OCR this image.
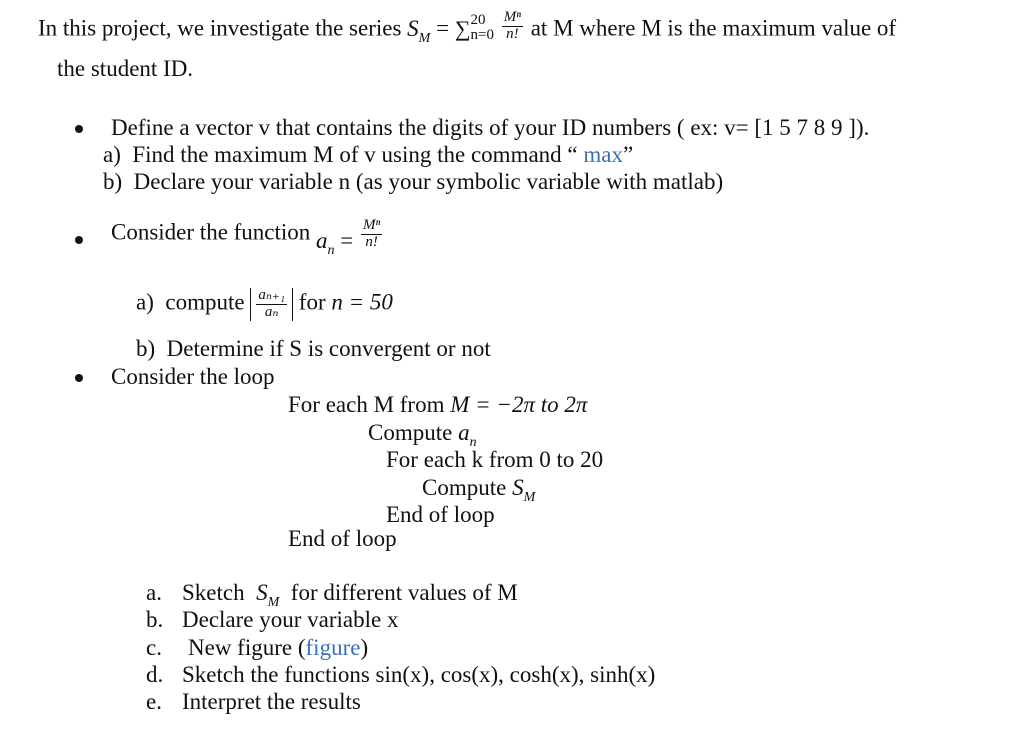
In this project, we investigate the series $S_M$ = ∑ 20
n=0
$\frac{\text{Mⁿ}}{n!}$ at M where M is the maximum value of
the student ID.
Define a vector v that contains the digits of your ID numbers ( ex: v= [1 5 7 8 9 ]).
a) Find the maximum M of v using the command “ max”
b) Declare your variable n (as your symbolic variable with matlab)
Consider the function $a_n = \frac{\text{Mⁿ}}{n!}$
a) compute $\frac{\text{aₙ₊₁}}{\text{aₙ}}$ for n = 50
b) Determine if S is convergent or not
Consider the loop
For each M from M = −2π to 2π
Compute $a_n$
For each k from 0 to 20
Compute $S_M$
End of loop
End of loop
a. Sketch $S_M$ for different values of M
b. Declare your variable x
c. New figure (figure)
d. Sketch the functions sin(x), cos(x), cosh(x), sinh(x)
e. Interpret the results
